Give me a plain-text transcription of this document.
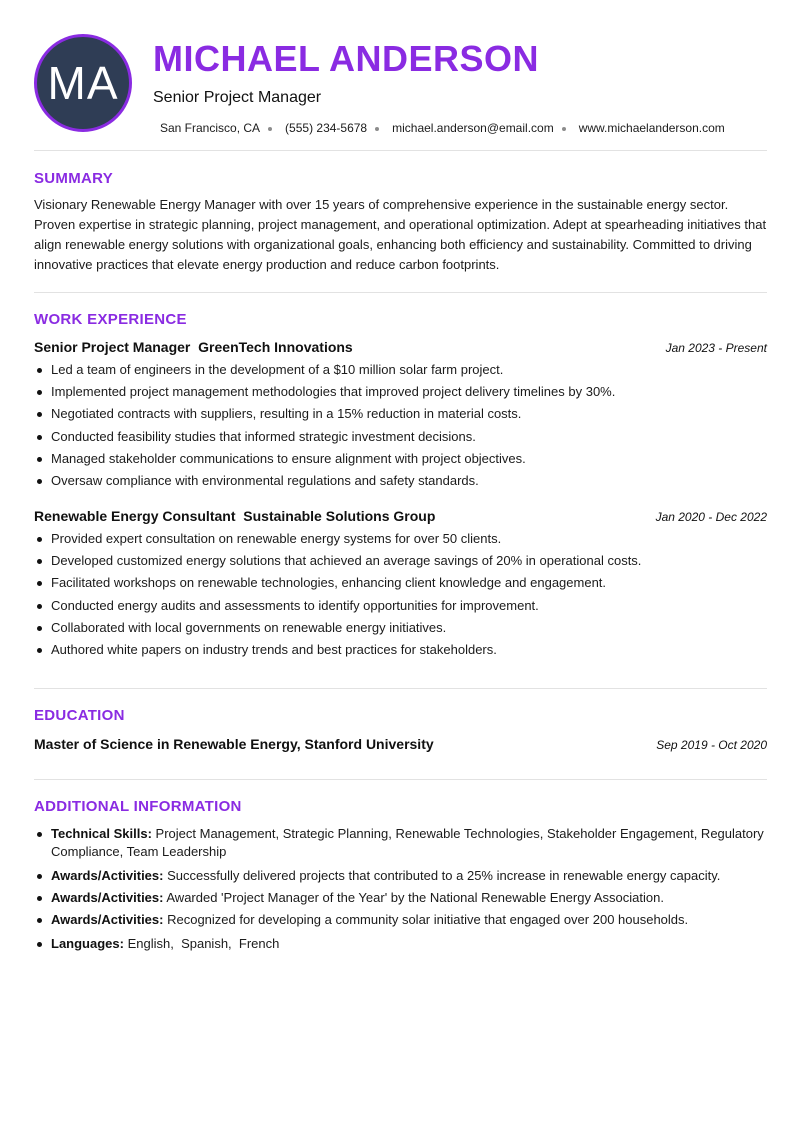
MA MICHAEL ANDERSON
Senior Project Manager
San Francisco, CA (555) 234-5678 michael.anderson@email.com www.michaelanderson.com
SUMMARY
Visionary Renewable Energy Manager with over 15 years of comprehensive experience in the sustainable energy sector. Proven expertise in strategic planning, project management, and operational optimization. Adept at spearheading initiatives that align renewable energy solutions with organizational goals, enhancing both efficiency and sustainability. Committed to driving innovative practices that elevate energy production and reduce carbon footprints.
WORK EXPERIENCE
Senior Project Manager GreenTech Innovations	Jan 2023 - Present
Led a team of engineers in the development of a $10 million solar farm project.
Implemented project management methodologies that improved project delivery timelines by 30%.
Negotiated contracts with suppliers, resulting in a 15% reduction in material costs.
Conducted feasibility studies that informed strategic investment decisions.
Managed stakeholder communications to ensure alignment with project objectives.
Oversaw compliance with environmental regulations and safety standards.
Renewable Energy Consultant Sustainable Solutions Group	Jan 2020 - Dec 2022
Provided expert consultation on renewable energy systems for over 50 clients.
Developed customized energy solutions that achieved an average savings of 20% in operational costs.
Facilitated workshops on renewable technologies, enhancing client knowledge and engagement.
Conducted energy audits and assessments to identify opportunities for improvement.
Collaborated with local governments on renewable energy initiatives.
Authored white papers on industry trends and best practices for stakeholders.
EDUCATION
Master of Science in Renewable Energy, Stanford University	Sep 2019 - Oct 2020
ADDITIONAL INFORMATION
Technical Skills: Project Management, Strategic Planning, Renewable Technologies, Stakeholder Engagement, Regulatory Compliance, Team Leadership
Awards/Activities: Successfully delivered projects that contributed to a 25% increase in renewable energy capacity.
Awards/Activities: Awarded 'Project Manager of the Year' by the National Renewable Energy Association.
Awards/Activities: Recognized for developing a community solar initiative that engaged over 200 households.
Languages: English,  Spanish,  French
